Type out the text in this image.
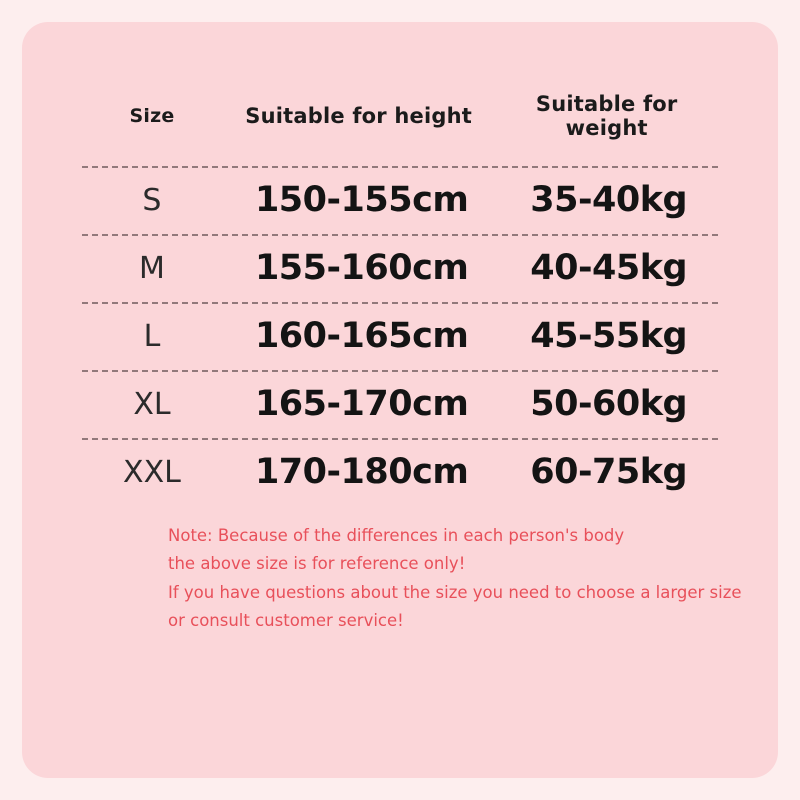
Size	Suitable for height	Suitable for weight

S	150-155cm	35-40kg

M	155-160cm	40-45kg

L	160-165cm	45-55kg

XL	165-170cm	50-60kg

XXL	170-180cm	60-75kg
Note: Because of the differences in each person's body
the above size is for reference only!
If you have questions about the size you need to choose a larger size
or consult customer service!
